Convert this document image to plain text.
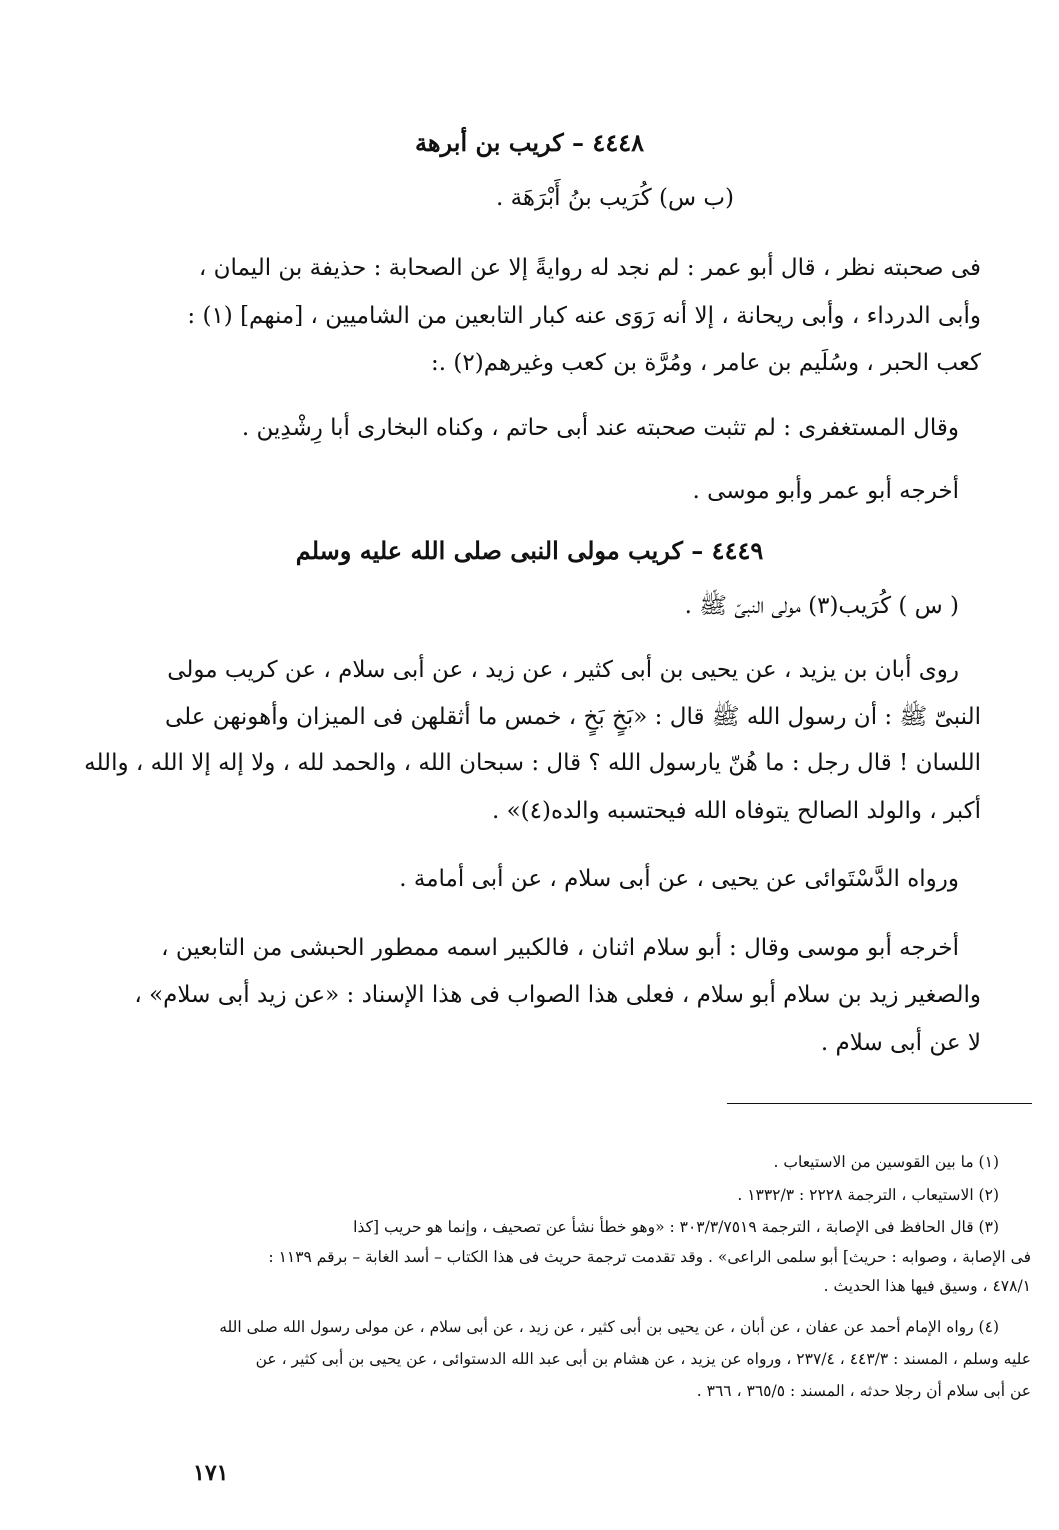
٤٤٤٨ – كريب بن أبرهة
(ب س) كُرَيب بنُ أَبْرَهَة .
فى صحبته نظر ، قال أبو عمر : لم نجد له روايةً إلا عن الصحابة : حذيفة بن اليمان ،
وأبى الدرداء ، وأبى ريحانة ، إلا أنه رَوَى عنه كبار التابعين من الشاميين ، [منهم] (١) :
كعب الحبر ، وسُلَيم بن عامر ، ومُرَّة بن كعب وغيرهم(٢) .:
وقال المستغفرى : لم تثبت صحبته عند أبى حاتم ، وكناه البخارى أبا رِشْدِين .
أخرجه أبو عمر وأبو موسى .
٤٤٤٩ – كريب مولى النبى صلى الله عليه وسلم
( س ) كُرَيب(٣) مولى النبىّ ﷺ .
روى أبان بن يزيد ، عن يحيى بن أبى كثير ، عن زيد ، عن أبى سلام ، عن كريب مولى
النبىّ ﷺ : أن رسول الله ﷺ قال : «بَخٍ بَخٍ ، خمس ما أثقلهن فى الميزان وأهونهن على
اللسان ! قال رجل : ما هُنّ يارسول الله ؟ قال : سبحان الله ، والحمد لله ، ولا إله إلا الله ، والله
أكبر ، والولد الصالح يتوفاه الله فيحتسبه والده(٤)» .
ورواه الدَّسْتَوائى عن يحيى ، عن أبى سلام ، عن أبى أمامة .
أخرجه أبو موسى وقال : أبو سلام اثنان ، فالكبير اسمه ممطور الحبشى من التابعين ،
والصغير زيد بن سلام أبو سلام ، فعلى هذا الصواب فى هذا الإسناد : «عن زيد أبى سلام» ،
لا عن أبى سلام .
(١) ما بين القوسين من الاستيعاب .
(٢) الاستيعاب ، الترجمة ٢٢٢٨ : ١٣٣٢/٣ .
(٣) قال الحافظ فى الإصابة ، الترجمة ٣٠٣/٣/٧٥١٩ : «وهو خطأ نشأ عن تصحيف ، وإنما هو حريب [كذا
فى الإصابة ، وصوابه : حريث] أبو سلمى الراعى» . وقد تقدمت ترجمة حريث فى هذا الكتاب – أسد الغابة – برقم ١١٣٩ :
٤٧٨/١ ، وسيق فيها هذا الحديث .
(٤) رواه الإمام أحمد عن عفان ، عن أبان ، عن يحيى بن أبى كثير ، عن زيد ، عن أبى سلام ، عن مولى رسول الله صلى الله
عليه وسلم ، المسند : ٤٤٣/٣ ، ٢٣٧/٤ ، ورواه عن يزيد ، عن هشام بن أبى عبد الله الدستوائى ، عن يحيى بن أبى كثير ، عن
عن أبى سلام أن رجلا حدثه ، المسند : ٣٦٥/٥ ، ٣٦٦ .
١٧١
